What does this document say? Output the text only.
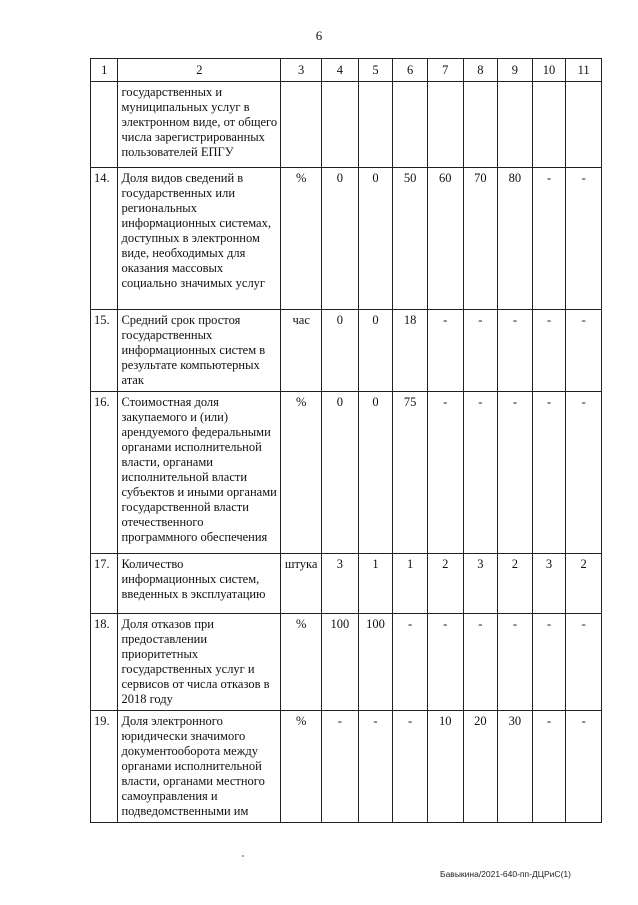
6
1	2	3	4	5	6	7	8	9	10	11
	государственных и муниципальных услуг в электронном виде, от общего числа зарегистрированных пользователей ЕПГУ									
14.	Доля видов сведений в государственных или региональных информационных системах, доступных в электронном виде, необходимых для оказания массовых социально значимых услуг	%	0	0	50	60	70	80	-	-
15.	Средний срок простоя государственных информационных систем в результате компьютерных атак	час	0	0	18	-	-	-	-	-
16.	Стоимостная доля закупаемого и (или) арендуемого федеральными органами исполнительной власти, органами исполнительной власти субъектов и иными органами государственной власти отечественного программного обеспечения	%	0	0	75	-	-	-	-	-
17.	Количество информационных систем, введенных в эксплуатацию	штука	3	1	1	2	3	2	3	2
18.	Доля отказов при предоставлении приоритетных государственных услуг и сервисов от числа отказов в 2018 году	%	100	100	-	-	-	-	-	-
19.	Доля электронного юридически значимого документооборота между органами исполнительной власти, органами местного самоуправления и подведомственными им	%	-	-	-	10	20	30	-	-
Бавыкина/2021-640-пп-ДЦРиС(1)
